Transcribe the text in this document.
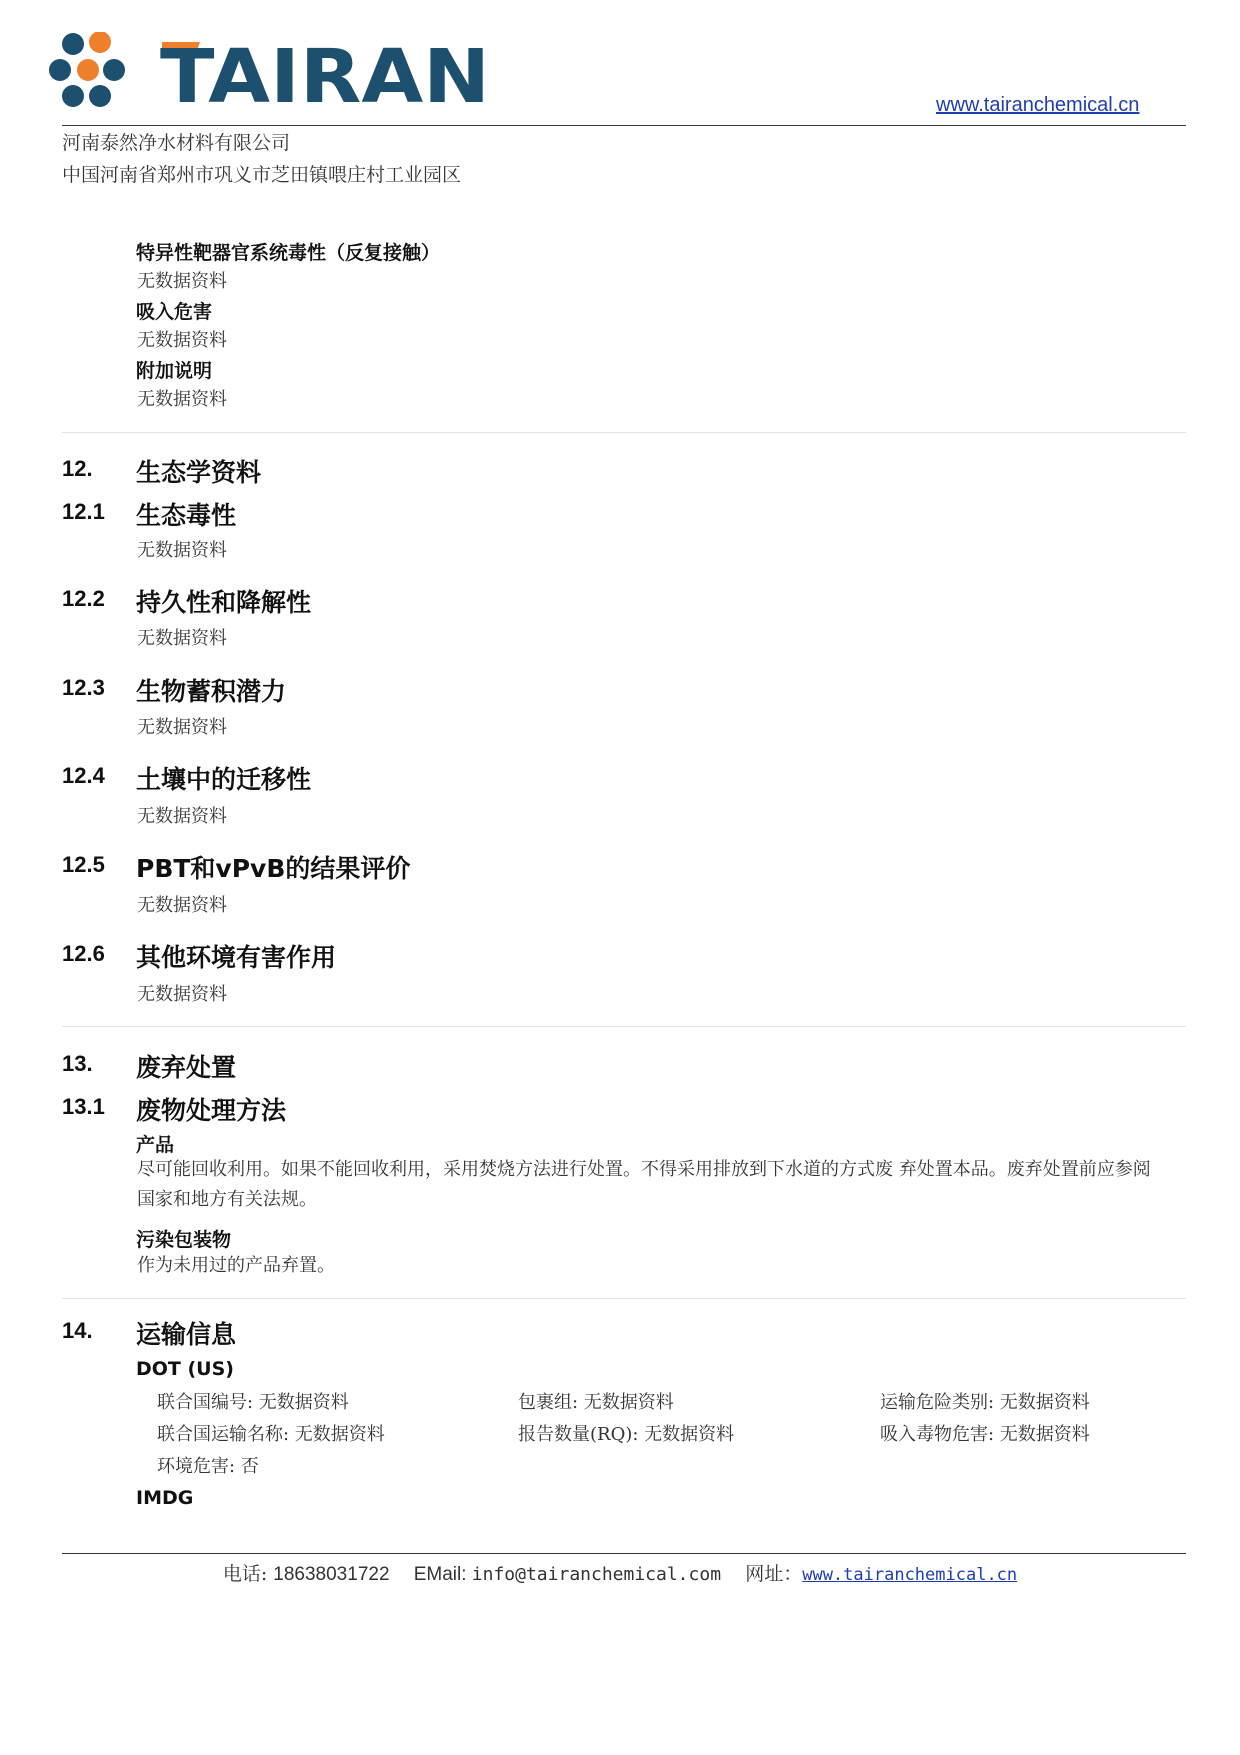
TAIRAN	www.tairanchemical.cn
河南泰然净水材料有限公司
中国河南省郑州市巩义市芝田镇喂庄村工业园区
特异性靶器官系统毒性（反复接触）
无数据资料
吸入危害
无数据资料
附加说明
无数据资料
12. 生态学资料
12.1 生态毒性
无数据资料
12.2 持久性和降解性
无数据资料
12.3 生物蓄积潜力
无数据资料
12.4 土壤中的迁移性
无数据资料
12.5 PBT和vPvB的结果评价
无数据资料
12.6 其他环境有害作用
无数据资料
13. 废弃处置
13.1 废物处理方法
产品
尽可能回收利用。如果不能回收利用，采用焚烧方法进行处置。不得采用排放到下水道的方式废 弃处置本品。废弃处置前应参阅国家和地方有关法规。
污染包装物
作为未用过的产品弃置。
14. 运输信息
DOT (US)
联合国编号: 无数据资料	包裹组: 无数据资料	运输危险类别: 无数据资料
联合国运输名称: 无数据资料	报告数量(RQ): 无数据资料	吸入毒物危害: 无数据资料
环境危害: 否
IMDG
电话: 18638031722 EMail: info@tairanchemical.com 网址：www.tairanchemical.cn
